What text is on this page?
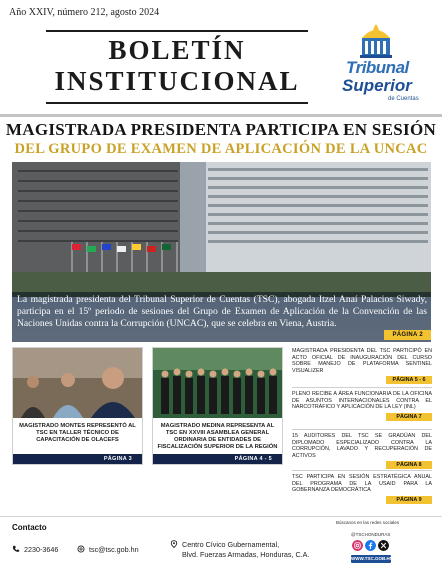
Año XXIV, número 212, agosto 2024
BOLETÍN
INSTITUCIONAL	Tribunal
Superior
de Cuentas
MAGISTRADA PRESIDENTA PARTICIPA EN SESIÓN
DEL GRUPO DE EXAMEN DE APLICACIÓN DE LA UNCAC
PÁGINA 2
La magistrada presidenta del Tribunal Superior de Cuentas (TSC), abogada Itzel Anaí Palacios Siwady, participa en el 15º periodo de sesiones del Grupo de Examen de Aplicación de la Convención de las Naciones Unidas contra la Corrupción (UNCAC), que se celebra en Viena, Austria.
MAGISTRADO MONTES REPRESENTÓ AL TSC EN TALLER TÉCNICO DE CAPACITACIÓN DE OLACEFS
PÁGINA 3
MAGISTRADO MEDINA REPRESENTA AL TSC EN XXVIII ASAMBLEA GENERAL ORDINARIA DE ENTIDADES DE FISCALIZACIÓN SUPERIOR DE LA REGIÓN
PÁGINA 4 - 5
MAGISTRADA PRESIDENTA DEL TSC PARTICIPÓ EN ACTO OFICIAL DE INAUGURACIÓN DEL CURSO SOBRE MANEJO DE PLATAFORMA SENTINEL VISUALIZER
PÁGINA 5 - 6
PLENO RECIBE A ÁREA FUNCIONARIA DE LA OFICINA DE ASUNTOS INTERNACIONALES CONTRA EL NARCOTRÁFICO Y APLICACIÓN DE LA LEY (INL)
PÁGINA 7
15 AUDITORES DEL TSC SE GRADÚAN DEL DIPLOMADO ESPECIALIZADO CONTRA LA CORRUPCIÓN, LAVADO Y RECUPERACIÓN DE ACTIVOS
PÁGINA 8
TSC PARTICIPA EN SESIÓN ESTRATÉGICA ANUAL DEL PROGRAMA DE LA USAID PARA LA GOBERNANZA DEMOCRÁTICA
PÁGINA 9
Contacto
2230-3646	tsc@tsc.gob.hn
Centro Cívico Gubernamental,
Blvd. Fuerzas Armadas, Honduras, C.A.
Búscanos en las redes sociales
@TSCHONDURAS
WWW.TSC.GOB.HN
